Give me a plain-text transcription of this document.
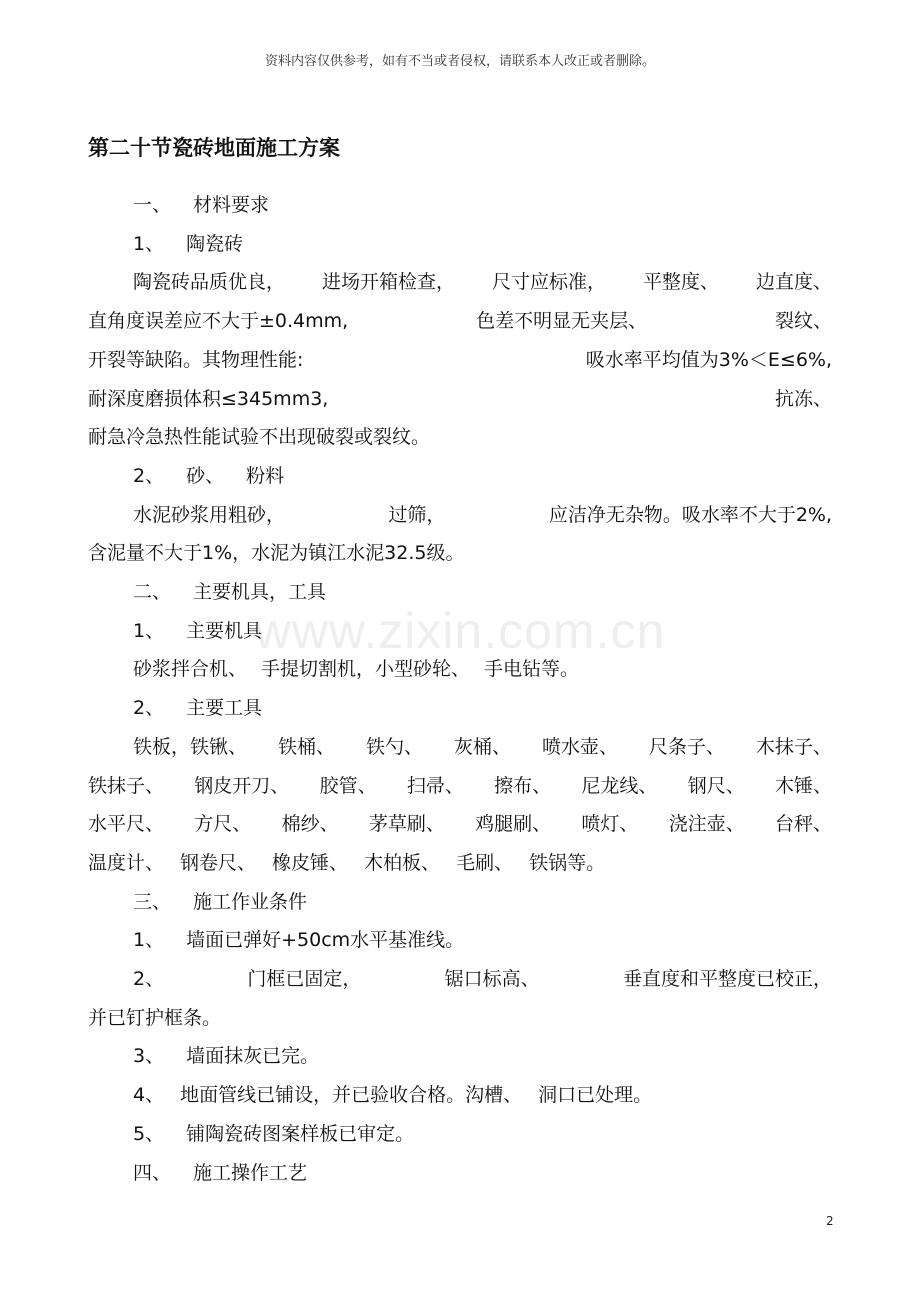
资料内容仅供参考，如有不当或者侵权，请联系本人改正或者删除。
第二十节瓷砖地面施工方案
一、 材料要求
1、 陶瓷砖
陶瓷砖品质优良， 进场开箱检查， 尺寸应标准， 平整度、 边直度、
直角度误差应不大于±0.4mm,	色差不明显无夹层、	裂纹、
开裂等缺陷。其物理性能:	吸水率平均值为3%＜E≤6%,
耐深度磨损体积≤345mm3,	抗冻、
耐急冷急热性能试验不出现破裂或裂纹。
2、 砂、 粉料
水泥砂浆用粗砂，	过筛，	应洁净无杂物。吸水率不大于2%,
含泥量不大于1%，水泥为镇江水泥32.5级。
二、 主要机具，工具
1、 主要机具
砂浆拌合机、 手提切割机，小型砂轮、 手电钻等。
2、 主要工具
铁板，铁锹、 铁桶、 铁勺、 灰桶、 喷水壶、 尺条子、 木抹子、
铁抹子、 钢皮开刀、 胶管、 扫帚、 擦布、 尼龙线、 钢尺、 木锤、
水平尺、 方尺、 棉纱、 茅草刷、 鸡腿刷、 喷灯、 浇注壶、 台秤、
温度计、 钢卷尺、 橡皮锤、 木柏板、 毛刷、 铁锅等。
三、 施工作业条件
1、 墙面已弹好+50cm水平基准线。
2、	门框已固定，	锯口标高、	垂直度和平整度已校正，
并已钉护框条。
3、 墙面抹灰已完。
4、 地面管线已铺设，并已验收合格。沟槽、 洞口已处理。
5、 铺陶瓷砖图案样板已审定。
四、 施工操作工艺
www.zixin.com.cn
2
